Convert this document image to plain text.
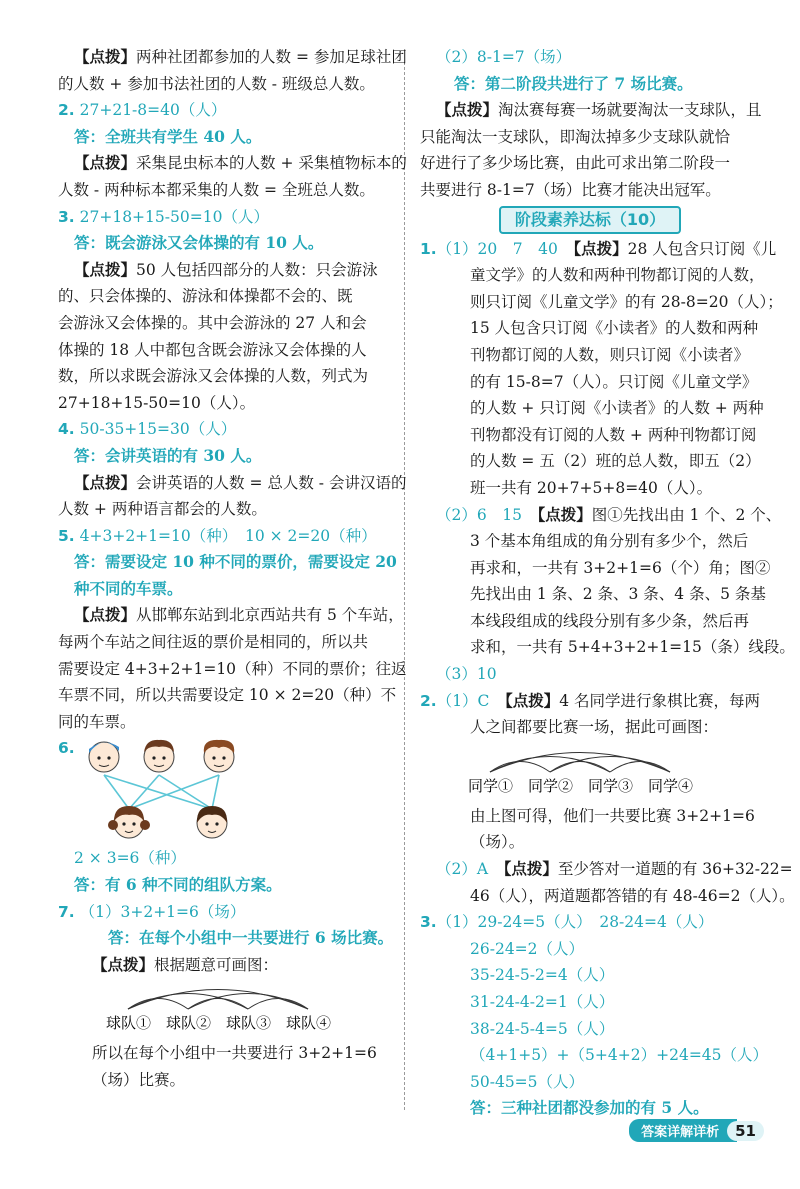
【点拨】两种社团都参加的人数 = 参加足球社团
的人数 + 参加书法社团的人数 - 班级总人数。
2. 27+21-8=40（人）
答：全班共有学生 40 人。
【点拨】采集昆虫标本的人数 + 采集植物标本的
人数 - 两种标本都采集的人数 = 全班总人数。
3. 27+18+15-50=10（人）
答：既会游泳又会体操的有 10 人。
【点拨】50 人包括四部分的人数：只会游泳
的、只会体操的、游泳和体操都不会的、既
会游泳又会体操的。其中会游泳的 27 人和会
体操的 18 人中都包含既会游泳又会体操的人
数，所以求既会游泳又会体操的人数，列式为
27+18+15-50=10（人）。
4. 50-35+15=30（人）
答：会讲英语的有 30 人。
【点拨】会讲英语的人数 = 总人数 - 会讲汉语的
人数 + 两种语言都会的人数。
5. 4+3+2+1=10（种）　10 × 2=20（种）
答：需要设定 10 种不同的票价，需要设定 20
种不同的车票。
【点拨】从邯郸东站到北京西站共有 5 个车站，
每两个车站之间往返的票价是相同的，所以共
需要设定 4+3+2+1=10（种）不同的票价；往返
车票不同，所以共需要设定 10 × 2=20（种）不
同的车票。
6.
2 × 3=6（种）
答：有 6 种不同的组队方案。
7. （1）3+2+1=6（场）
答：在每个小组中一共要进行 6 场比赛。
【点拨】根据题意可画图：
球队① 球队② 球队③ 球队④
所以在每个小组中一共要进行 3+2+1=6
（场）比赛。
（2）8-1=7（场）
答：第二阶段共进行了 7 场比赛。
【点拨】淘汰赛每赛一场就要淘汰一支球队，且
只能淘汰一支球队，即淘汰掉多少支球队就恰
好进行了多少场比赛，由此可求出第二阶段一
共要进行 8-1=7（场）比赛才能决出冠军。
阶段素养达标（10）
1.（1）20　7　40　 【点拨】28 人包含只订阅《儿
童文学》的人数和两种刊物都订阅的人数，
则只订阅《儿童文学》的有 28-8=20（人）；
15 人包含只订阅《小读者》的人数和两种
刊物都订阅的人数，则只订阅《小读者》
的有 15-8=7（人）。只订阅《儿童文学》
的人数 + 只订阅《小读者》的人数 + 两种
刊物都没有订阅的人数 + 两种刊物都订阅
的人数 = 五（2）班的总人数，即五（2）
班一共有 20+7+5+8=40（人）。
（2）6　15　 【点拨】图①先找出由 1 个、2 个、
3 个基本角组成的角分别有多少个，然后
再求和，一共有 3+2+1=6（个）角；图②
先找出由 1 条、2 条、3 条、4 条、5 条基
本线段组成的线段分别有多少条，然后再
求和，一共有 5+4+3+2+1=15（条）线段。
（3）10
2.（1）C　 【点拨】4 名同学进行象棋比赛，每两
人之间都要比赛一场，据此可画图：
同学① 同学② 同学③ 同学④
由上图可得，他们一共要比赛 3+2+1=6
（场）。
（2）A　 【点拨】至少答对一道题的有 36+32-22=
46（人），两道题都答错的有 48-46=2（人）。
3.（1）29-24=5（人）　28-24=4（人）
26-24=2（人）
35-24-5-2=4（人）
31-24-4-2=1（人）
38-24-5-4=5（人）
（4+1+5）+（5+4+2）+24=45（人）
50-45=5（人）
答：三种社团都没参加的有 5 人。
答案详解详析	51
